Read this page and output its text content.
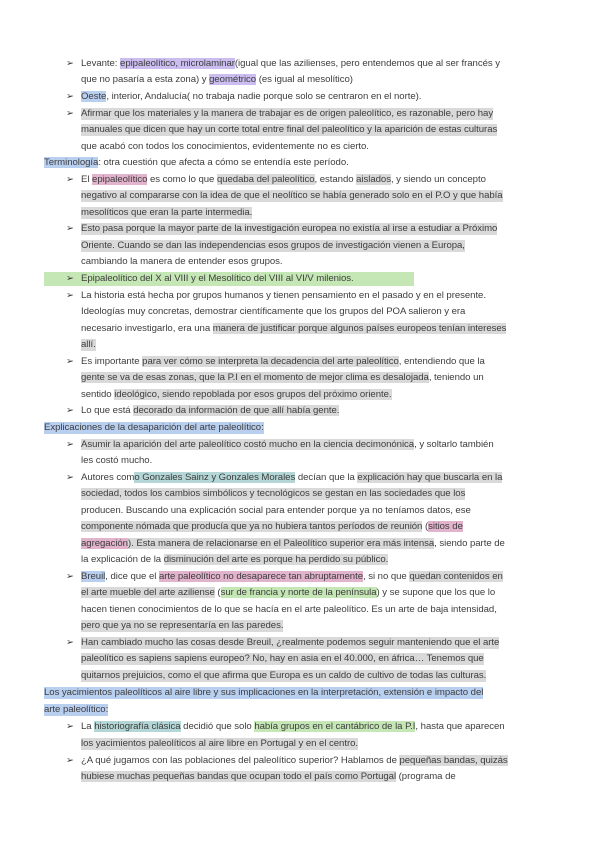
➢ Levante: epipaleolítico, microlaminar(igual que las azilienses, pero entendemos que al ser francés y
que no pasaría a esta zona) y geométrico (es igual al mesolítico)
➢ Oeste, interior, Andalucía( no trabaja nadie porque solo se centraron en el norte).
➢ Afirmar que los materiales y la manera de trabajar es de origen paleolítico, es razonable, pero hay
manuales que dicen que hay un corte total entre final del paleolítico y la aparición de estas culturas
que acabó con todos los conocimientos, evidentemente no es cierto.
Terminología: otra cuestión que afecta a cómo se entendía este período.
➢ El epipaleolítico es como lo que quedaba del paleolítico, estando aislados, y siendo un concepto
negativo al compararse con la idea de que el neolítico se había generado solo en el P.O y que había
mesolíticos que eran la parte intermedia.
➢ Esto pasa porque la mayor parte de la investigación europea no existía al irse a estudiar a Próximo
Oriente. Cuando se dan las independencias esos grupos de investigación vienen a Europa,
cambiando la manera de entender esos grupos.
➢ Epipaleolítico del X al VIII y el Mesolítico del VIII al VI/V milenios.
➢ La historia está hecha por grupos humanos y tienen pensamiento en el pasado y en el presente.
Ideologías muy concretas, demostrar científicamente que los grupos del POA salieron y era
necesario investigarlo, era una manera de justificar porque algunos países europeos tenían intereses
allí.
➢ Es importante para ver cómo se interpreta la decadencia del arte paleolítico, entendiendo que la
gente se va de esas zonas, que la P.I en el momento de mejor clima es desalojada, teniendo un
sentido ideológico, siendo repoblada por esos grupos del próximo oriente.
➢ Lo que está decorado da información de que allí había gente.
Explicaciones de la desaparición del arte paleolítico:
➢ Asumir la aparición del arte paleolítico costó mucho en la ciencia decimonónica, y soltarlo también
les costó mucho.
➢ Autores como Gonzales Sainz y Gonzales Morales decían que la explicación hay que buscarla en la
sociedad, todos los cambios simbólicos y tecnológicos se gestan en las sociedades que los
producen. Buscando una explicación social para entender porque ya no teníamos datos, ese
componente nómada que producía que ya no hubiera tantos períodos de reunión (sitios de
agregación). Esta manera de relacionarse en el Paleolítico superior era más intensa, siendo parte de
la explicación de la disminución del arte es porque ha perdido su público.
➢ Breuil, dice que el arte paleolítico no desaparece tan abruptamente, si no que quedan contenidos en
el arte mueble del arte aziliense (sur de francia y norte de la península) y se supone que los que lo
hacen tienen conocimientos de lo que se hacía en el arte paleolítico. Es un arte de baja intensidad,
pero que ya no se representaría en las paredes.
➢ Han cambiado mucho las cosas desde Breuil, ¿realmente podemos seguir manteniendo que el arte
paleolítico es sapiens sapiens europeo? No, hay en asia en el 40.000, en áfrica… Tenemos que
quitarnos prejuicios, como el que afirma que Europa es un caldo de cultivo de todas las culturas.
Los yacimientos paleolíticos al aire libre y sus implicaciones en la interpretación, extensión e impacto del
arte paleolítico:
➢ La historiografía clásica decidió que solo había grupos en el cantábrico de la P.I, hasta que aparecen
los yacimientos paleolíticos al aire libre en Portugal y en el centro.
➢ ¿A qué jugamos con las poblaciones del paleolítico superior? Hablamos de pequeñas bandas, quizás
hubiese muchas pequeñas bandas que ocupan todo el país como Portugal (programa de
